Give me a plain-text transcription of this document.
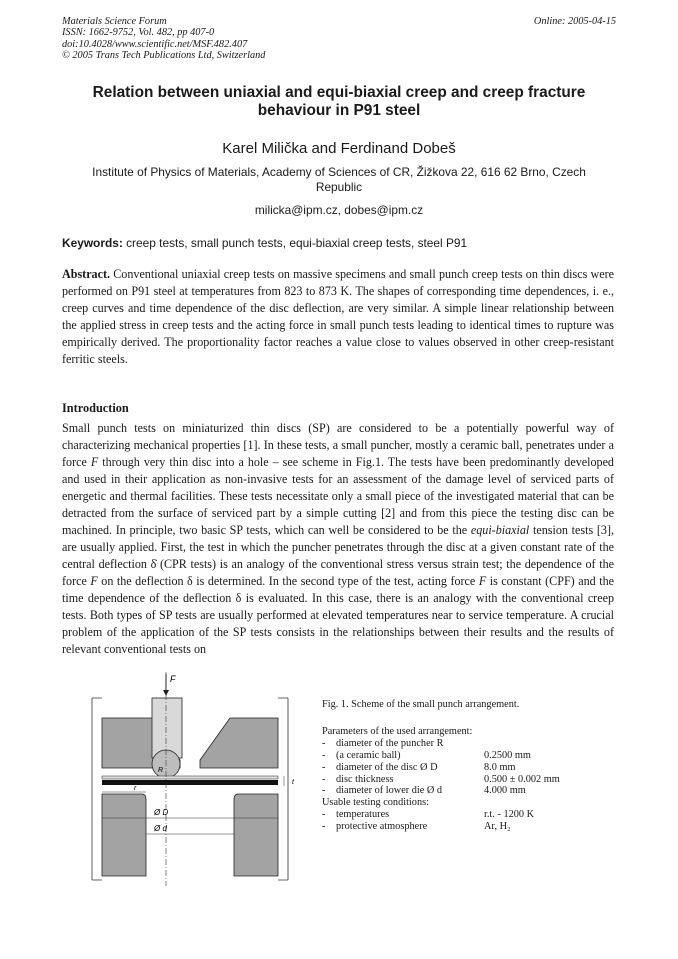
Materials Science Forum
ISSN: 1662-9752, Vol. 482, pp 407-0
doi:10.4028/www.scientific.net/MSF.482.407
© 2005 Trans Tech Publications Ltd, Switzerland
Online: 2005-04-15
Relation between uniaxial and equi-biaxial creep and creep fracture behaviour in P91 steel
Karel Milička and Ferdinand Dobeš
Institute of Physics of Materials, Academy of Sciences of CR, Žižkova 22, 616 62 Brno, Czech Republic
milicka@ipm.cz, dobes@ipm.cz
Keywords: creep tests, small punch tests, equi-biaxial creep tests, steel P91
Abstract. Conventional uniaxial creep tests on massive specimens and small punch creep tests on thin discs were performed on P91 steel at temperatures from 823 to 873 K. The shapes of corresponding time dependences, i. e., creep curves and time dependence of the disc deflection, are very similar. A simple linear relationship between the applied stress in creep tests and the acting force in small punch tests leading to identical times to rupture was empirically derived. The proportionality factor reaches a value close to values observed in other creep-resistant ferritic steels.
Introduction
Small punch tests on miniaturized thin discs (SP) are considered to be a potentially powerful way of characterizing mechanical properties [1]. In these tests, a small puncher, mostly a ceramic ball, penetrates under a force F through very thin disc into a hole – see scheme in Fig.1. The tests have been predominantly developed and used in their application as non-invasive tests for an assessment of the damage level of serviced parts of energetic and thermal facilities. These tests necessitate only a small piece of the investigated material that can be detracted from the surface of serviced part by a simple cutting [2] and from this piece the testing disc can be machined. In principle, two basic SP tests, which can well be considered to be the equi-biaxial tension tests [3], are usually applied. First, the test in which the puncher penetrates through the disc at a given constant rate of the central deflection δ̇ (CPR tests) is an analogy of the conventional stress versus strain test; the dependence of the force F on the deflection δ is determined. In the second type of the test, acting force F is constant (CPF) and the time dependence of the deflection δ is evaluated. In this case, there is an analogy with the conventional creep tests. Both types of SP tests are usually performed at elevated temperatures near to service temperature. A crucial problem of the application of the SP tests consists in the relationships between their results and the results of relevant conventional tests on
F
R
r
Ø D
Ø d
t
Fig. 1. Scheme of the small punch arrangement.
Parameters of the used arrangement:
- diameter of the puncher R
- (a ceramic ball)	0.2500 mm
- diameter of the disc Ø D	8.0 mm
- disc thickness	0.500 ± 0.002 mm
- diameter of lower die Ø d	4.000 mm
Usable testing conditions:
- temperatures	r.t. - 1200 K
- protective atmosphere	Ar, H₂
